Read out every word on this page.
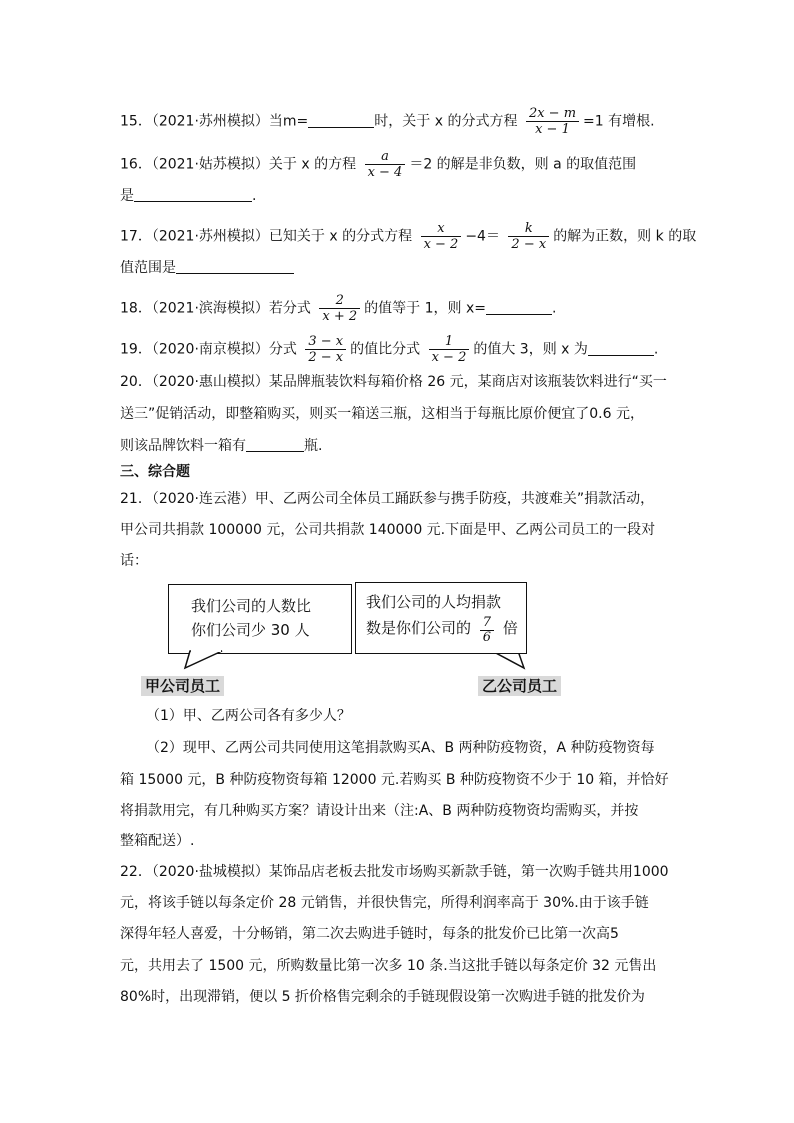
15．（2021·苏州模拟）当m=	时，关于 x 的分式方程 $\frac{2x - m}{x - 1} =1$ 有增根.
16．（2021·姑苏模拟）关于 x 的方程 $\frac{a}{x - 4} =2$ 的解是非负数，则 a 的取值范围
是	.
17．（2021·苏州模拟）已知关于 x 的分式方程 $\frac{x}{x - 2} -4= \frac{k}{2 - x}$ 的解为正数，则 k 的取
值范围是
18．（2021·滨海模拟）若分式 $\frac{2}{x + 2}$ 的值等于 1，则 x=	.
19．（2020·南京模拟）分式 $\frac{3 - x}{2 - x}$ 的值比分式 $\frac{1}{x - 2}$ 的值大 3，则 x 为	.
20．（2020·惠山模拟）某品牌瓶装饮料每箱价格 26 元，某商店对该瓶装饮料进行“买一
送三”促销活动，即整箱购买，则买一箱送三瓶，这相当于每瓶比原价便宜了0.6 元，
则该品牌饮料一箱有	瓶.
三、综合题
21．（2020·连云港）甲、乙两公司全体员工踊跃参与携手防疫，共渡难关”捐款活动，
甲公司共捐款 100000 元，公司共捐款 140000 元.下面是甲、乙两公司员工的一段对
话：
我们公司的人数比
你们公司少 30 人
我们公司的人均捐款
数是你们公司的 $\frac{7}{6}$ 倍
甲公司员工	乙公司员工
（1）甲、乙两公司各有多少人？
（2）现甲、乙两公司共同使用这笔捐款购买A、B 两种防疫物资，A 种防疫物资每
箱 15000 元，B 种防疫物资每箱 12000 元.若购买 B 种防疫物资不少于 10 箱，并恰好
将捐款用完，有几种购买方案？请设计出来（注:A、B 两种防疫物资均需购买，并按
整箱配送）.
22．（2020·盐城模拟）某饰品店老板去批发市场购买新款手链，第一次购手链共用1000
元，将该手链以每条定价 28 元销售，并很快售完，所得利润率高于 30%.由于该手链
深得年轻人喜爱，十分畅销，第二次去购进手链时，每条的批发价已比第一次高5
元，共用去了 1500 元，所购数量比第一次多 10 条.当这批手链以每条定价 32 元售出
80%时，出现滞销，便以 5 折价格售完剩余的手链现假设第一次购进手链的批发价为
